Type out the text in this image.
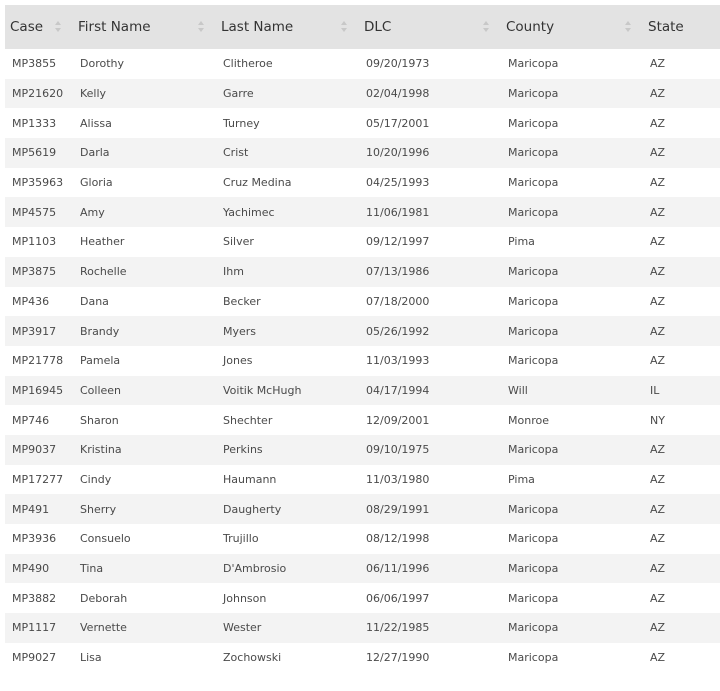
Case	First Name	Last Name	DLC	County	State
MP3855	Dorothy	Clitheroe	09/20/1973	Maricopa	AZ
MP21620	Kelly	Garre	02/04/1998	Maricopa	AZ
MP1333	Alissa	Turney	05/17/2001	Maricopa	AZ
MP5619	Darla	Crist	10/20/1996	Maricopa	AZ
MP35963	Gloria	Cruz Medina	04/25/1993	Maricopa	AZ
MP4575	Amy	Yachimec	11/06/1981	Maricopa	AZ
MP1103	Heather	Silver	09/12/1997	Pima	AZ
MP3875	Rochelle	Ihm	07/13/1986	Maricopa	AZ
MP436	Dana	Becker	07/18/2000	Maricopa	AZ
MP3917	Brandy	Myers	05/26/1992	Maricopa	AZ
MP21778	Pamela	Jones	11/03/1993	Maricopa	AZ
MP16945	Colleen	Voitik McHugh	04/17/1994	Will	IL
MP746	Sharon	Shechter	12/09/2001	Monroe	NY
MP9037	Kristina	Perkins	09/10/1975	Maricopa	AZ
MP17277	Cindy	Haumann	11/03/1980	Pima	AZ
MP491	Sherry	Daugherty	08/29/1991	Maricopa	AZ
MP3936	Consuelo	Trujillo	08/12/1998	Maricopa	AZ
MP490	Tina	D'Ambrosio	06/11/1996	Maricopa	AZ
MP3882	Deborah	Johnson	06/06/1997	Maricopa	AZ
MP1117	Vernette	Wester	11/22/1985	Maricopa	AZ
MP9027	Lisa	Zochowski	12/27/1990	Maricopa	AZ
